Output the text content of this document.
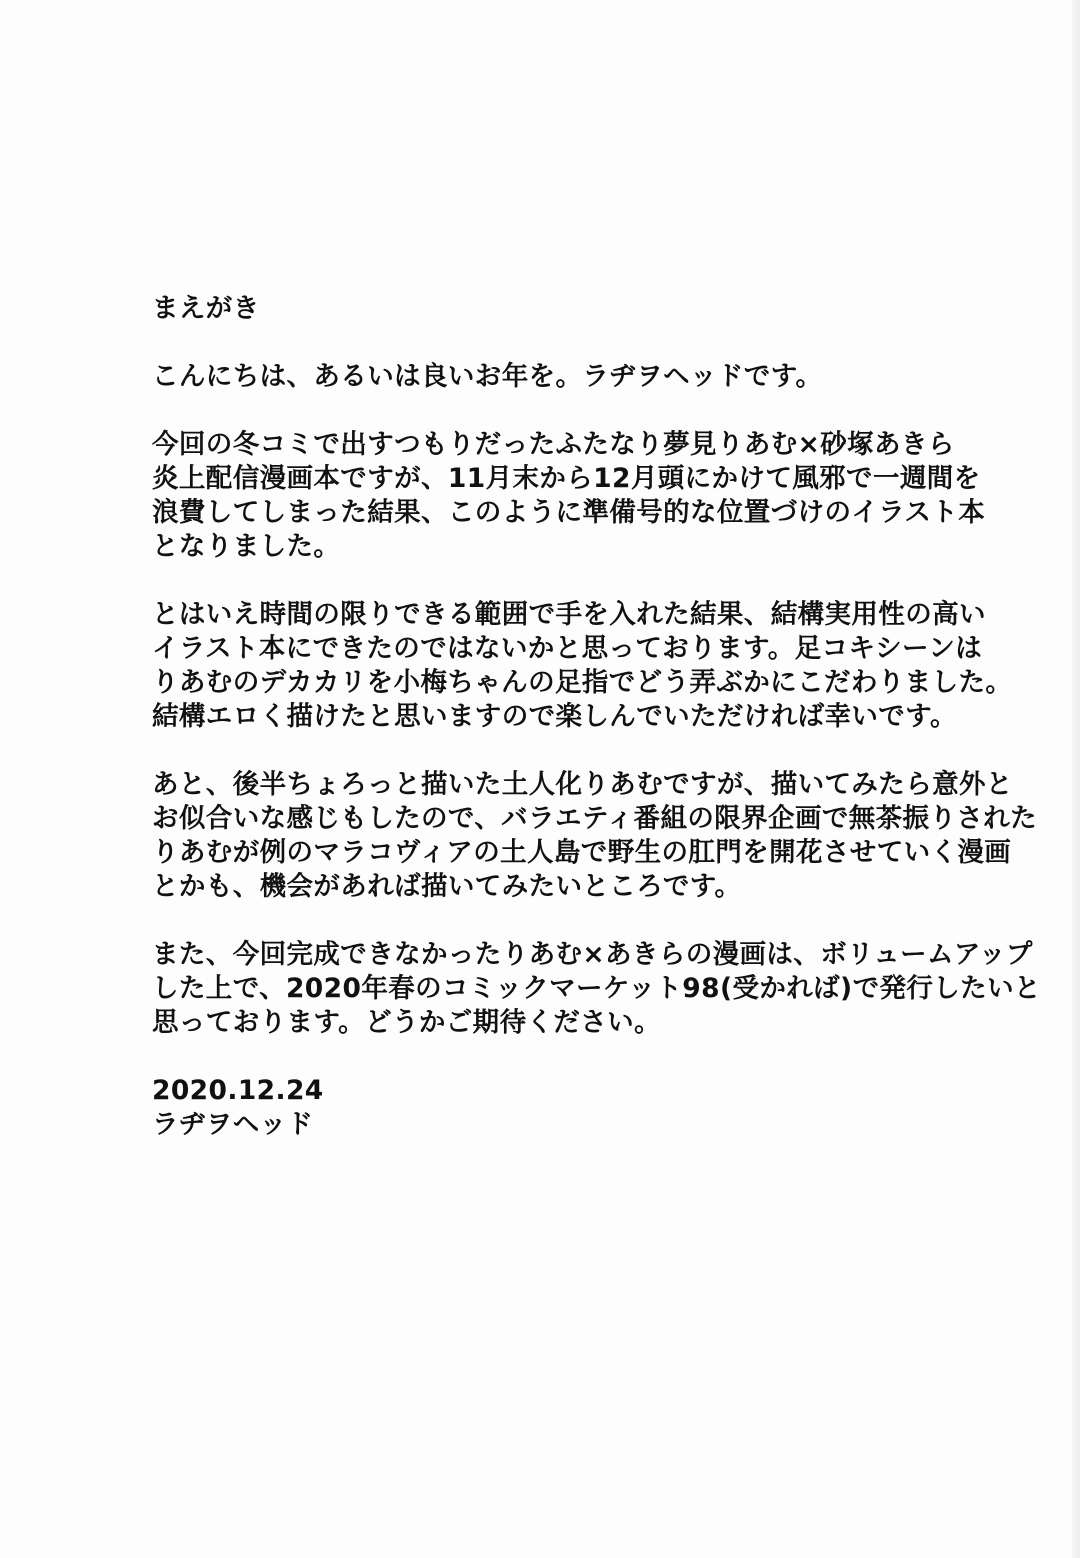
まえがき
こんにちは、あるいは良いお年を。ラヂヲヘッドです。
今回の冬コミで出すつもりだったふたなり夢見りあむ×砂塚あきら
炎上配信漫画本ですが、11月末から12月頭にかけて風邪で一週間を
浪費してしまった結果、このように準備号的な位置づけのイラスト本
となりました。
とはいえ時間の限りできる範囲で手を入れた結果、結構実用性の高い
イラスト本にできたのではないかと思っております。足コキシーンは
りあむのデカカリを小梅ちゃんの足指でどう弄ぶかにこだわりました。
結構エロく描けたと思いますので楽しんでいただければ幸いです。
あと、後半ちょろっと描いた土人化りあむですが、描いてみたら意外と
お似合いな感じもしたので、バラエティ番組の限界企画で無茶振りされた
りあむが例のマラコヴィアの土人島で野生の肛門を開花させていく漫画
とかも、機会があれば描いてみたいところです。
また、今回完成できなかったりあむ×あきらの漫画は、ボリュームアップ
した上で、2020年春のコミックマーケット98(受かれば)で発行したいと
思っております。どうかご期待ください。
2020.12.24
ラヂヲヘッド
